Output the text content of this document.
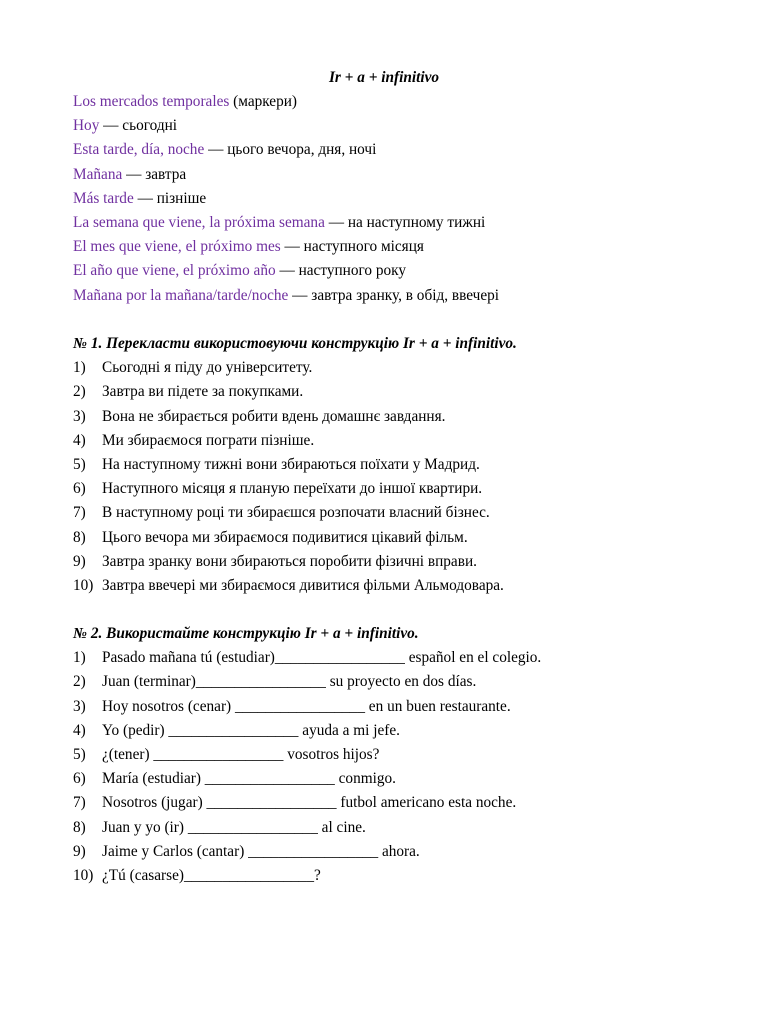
Ir + a + infinitivo
Los mercados temporales (маркери)
Hoy — сьогодні
Esta tarde, día, noche — цього вечора, дня, ночі
Mañana — завтра
Más tarde — пізніше
La semana que viene, la próxima semana — на наступному тижні
El mes que viene, el próximo mes — наступного місяця
El año que viene, el próximo año — наступного року
Mañana por la mañana/tarde/noche — завтра зранку, в обід, ввечері
№ 1. Перекласти використовуючи конструкцію Ir + a + infinitivo.
1) Сьогодні я піду до університету.
2) Завтра ви підете за покупками.
3) Вона не збирається робити вдень домашнє завдання.
4) Ми збираємося пограти пізніше.
5) На наступному тижні вони збираються поїхати у Мадрид.
6) Наступного місяця я планую переїхати до іншої квартири.
7) В наступному році ти збираєшся розпочати власний бізнес.
8) Цього вечора ми збираємося подивитися цікавий фільм.
9) Завтра зранку вони збираються поробити фізичні вправи.
10) Завтра ввечері ми збираємося дивитися фільми Альмодовара.
№ 2. Використайте конструкцію Ir + a + infinitivo.
1) Pasado mañana tú (estudiar)_________________ español en el colegio.
2) Juan (terminar)_________________ su proyecto en dos días.
3) Hoy nosotros (cenar) _________________ en un buen restaurante.
4) Yo (pedir) _________________ ayuda a mi jefe.
5) ¿(tener) _________________ vosotros hijos?
6) María (estudiar) _________________ conmigo.
7) Nosotros (jugar) _________________ futbol americano esta noche.
8) Juan y yo (ir) _________________ al cine.
9) Jaime y Carlos (cantar) _________________ ahora.
10) ¿Tú (casarse)_________________?
